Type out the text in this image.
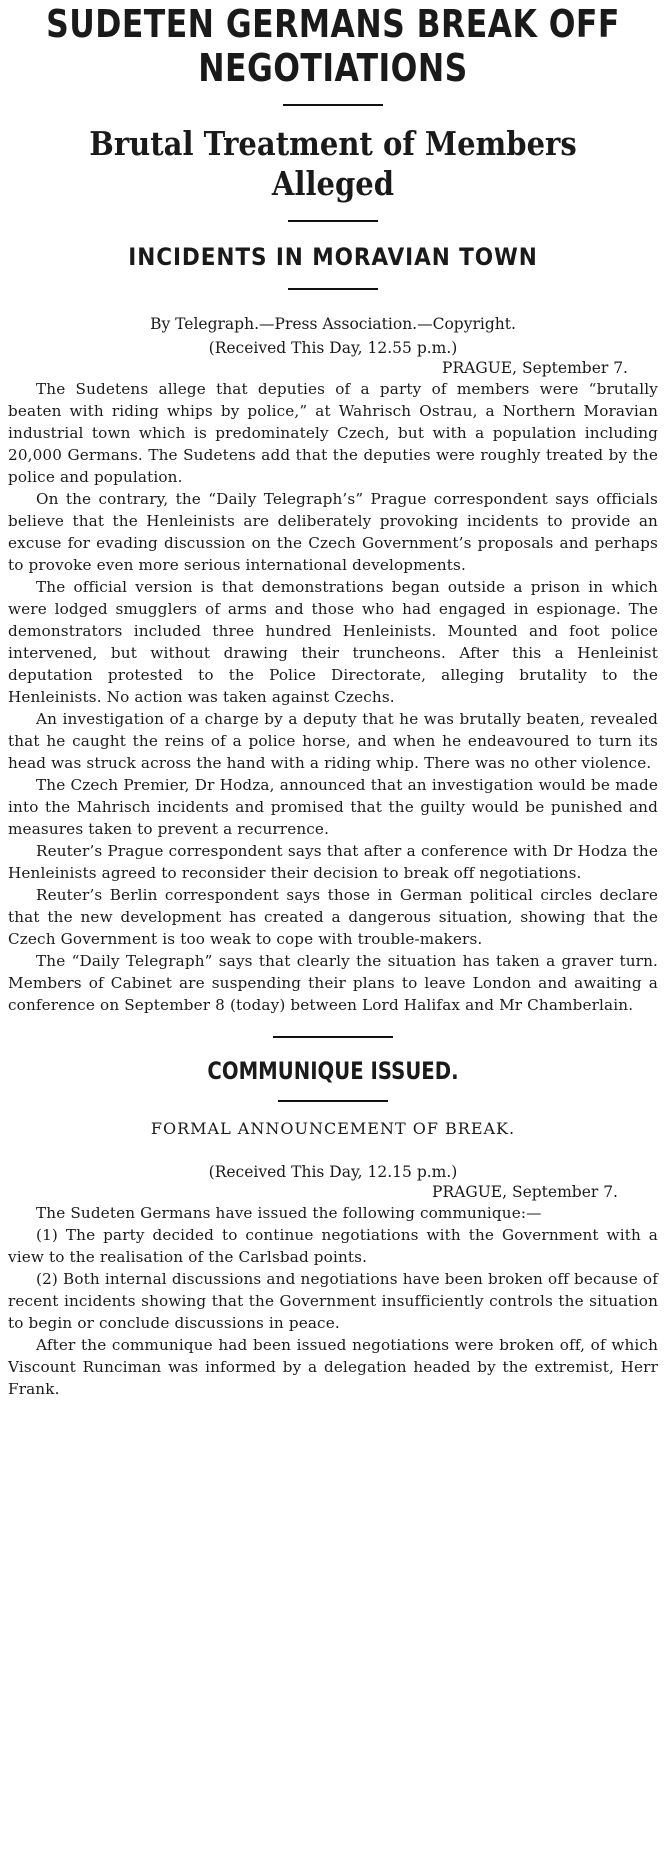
SUDETEN GERMANS BREAK OFF
NEGOTIATIONS
Brutal Treatment of Members Alleged
INCIDENTS IN MORAVIAN TOWN

By Telegraph.—Press Association.—Copyright.

(Received This Day, 12.55 p.m.)

PRAGUE, September 7.

The Sudetens allege that deputies of a party of members were “brutally beaten with riding whips by police,” at Wahrisch Ostrau, a Northern Moravian industrial town which is predominately Czech, but with a population including 20,000 Germans. The Sudetens add that the deputies were roughly treated by the police and population.

On the contrary, the “Daily Telegraph’s” Prague correspondent says officials believe that the Henleinists are deliberately provoking incidents to provide an excuse for evading discussion on the Czech Government’s proposals and perhaps to provoke even more serious international developments.

The official version is that demonstrations began outside a prison in which were lodged smugglers of arms and those who had engaged in espionage. The demonstrators included three hundred Henleinists. Mounted and foot police intervened, but without drawing their truncheons. After this a Henleinist deputation protested to the Police Directorate, alleging brutality to the Henleinists. No action was taken against Czechs.

An investigation of a charge by a deputy that he was brutally beaten, revealed that he caught the reins of a police horse, and when he endeavoured to turn its head was struck across the hand with a riding whip. There was no other violence.

The Czech Premier, Dr Hodza, announced that an investigation would be made into the Mahrisch incidents and promised that the guilty would be punished and measures taken to prevent a recurrence.

Reuter’s Prague correspondent says that after a conference with Dr Hodza the Henleinists agreed to reconsider their decision to break off negotiations.

Reuter’s Berlin correspondent says those in German political circles declare that the new development has created a dangerous situation, showing that the Czech Government is too weak to cope with trouble-makers.

The “Daily Telegraph” says that clearly the situation has taken a graver turn. Members of Cabinet are suspending their plans to leave London and awaiting a conference on September 8 (today) between Lord Halifax and Mr Chamberlain.

COMMUNIQUE ISSUED.

FORMAL ANNOUNCEMENT OF BREAK.

(Received This Day, 12.15 p.m.)

PRAGUE, September 7.

The Sudeten Germans have issued the following communique:—

(1) The party decided to continue negotiations with the Government with a view to the realisation of the Carlsbad points.

(2) Both internal discussions and negotiations have been broken off because of recent incidents showing that the Government insufficiently controls the situation to begin or conclude discussions in peace.

After the communique had been issued negotiations were broken off, of which Viscount Runciman was informed by a delegation headed by the extremist, Herr Frank.
